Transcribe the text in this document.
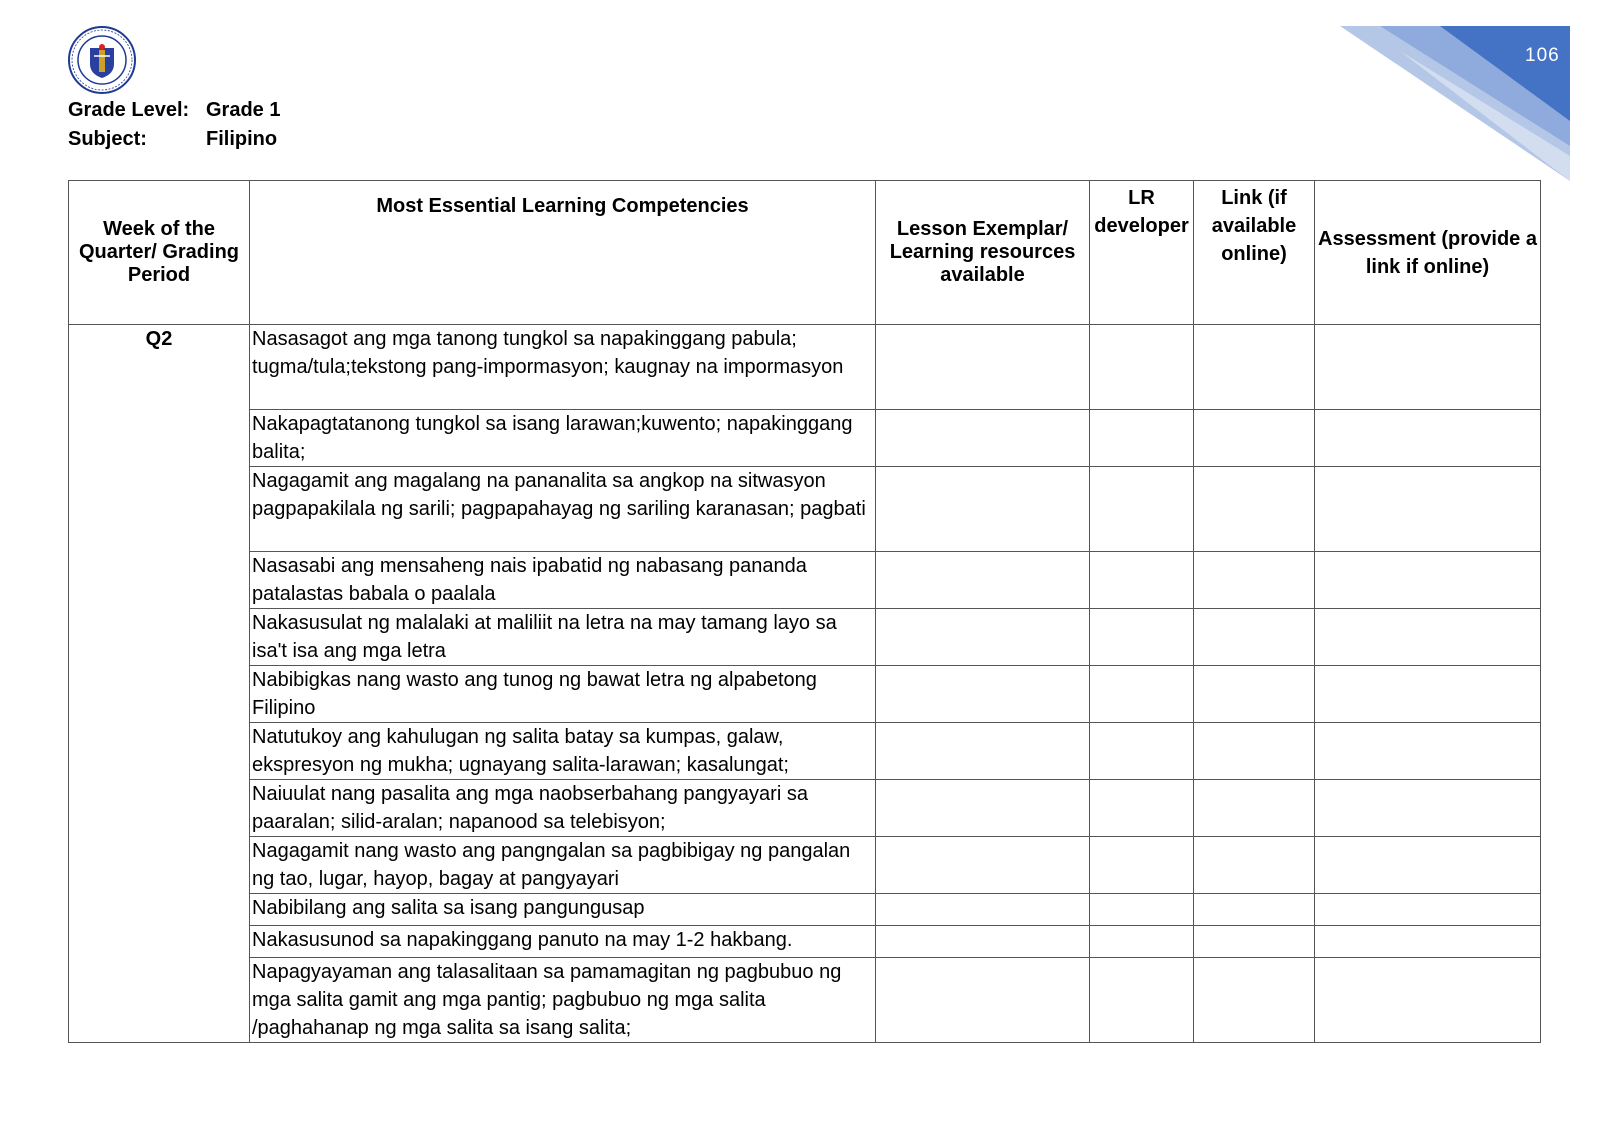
106
Grade Level: Grade 1
Subject:	Filipino
Week of the Quarter/ Grading Period	Most Essential Learning Competencies	Lesson Exemplar/ Learning resources available	LR developer	Link (if available online)	Assessment (provide a link if online)
Q2	Nasasagot ang mga tanong tungkol sa napakinggang pabula; tugma/tula;tekstong pang-impormasyon; kaugnay na impormasyon				
	Nakapagtatanong tungkol sa isang larawan;kuwento; napakinggang balita;				
	Nagagamit ang magalang na pananalita sa angkop na sitwasyon pagpapakilala ng sarili; pagpapahayag ng sariling karanasan; pagbati				
	Nasasabi ang mensaheng nais ipabatid ng nabasang pananda patalastas babala o paalala				
	Nakasusulat ng malalaki at maliliit na letra na may tamang layo sa isa't isa ang mga letra				
	Nabibigkas nang wasto ang tunog ng bawat letra ng alpabetong Filipino				
	Natutukoy ang kahulugan ng salita batay sa kumpas, galaw, ekspresyon ng mukha; ugnayang salita-larawan; kasalungat;				
	Naiuulat nang pasalita ang mga naobserbahang pangyayari sa paaralan; silid-aralan; napanood sa telebisyon;				
	Nagagamit nang wasto ang pangngalan sa pagbibigay ng pangalan ng tao, lugar, hayop, bagay at pangyayari				
	Nabibilang ang salita sa isang pangungusap				
	Nakasusunod sa napakinggang panuto na may 1-2 hakbang.				
	Napagyayaman ang talasalitaan sa pamamagitan ng pagbubuo ng mga salita gamit ang mga pantig; pagbubuo ng mga salita /paghahanap ng mga salita sa isang salita;				
